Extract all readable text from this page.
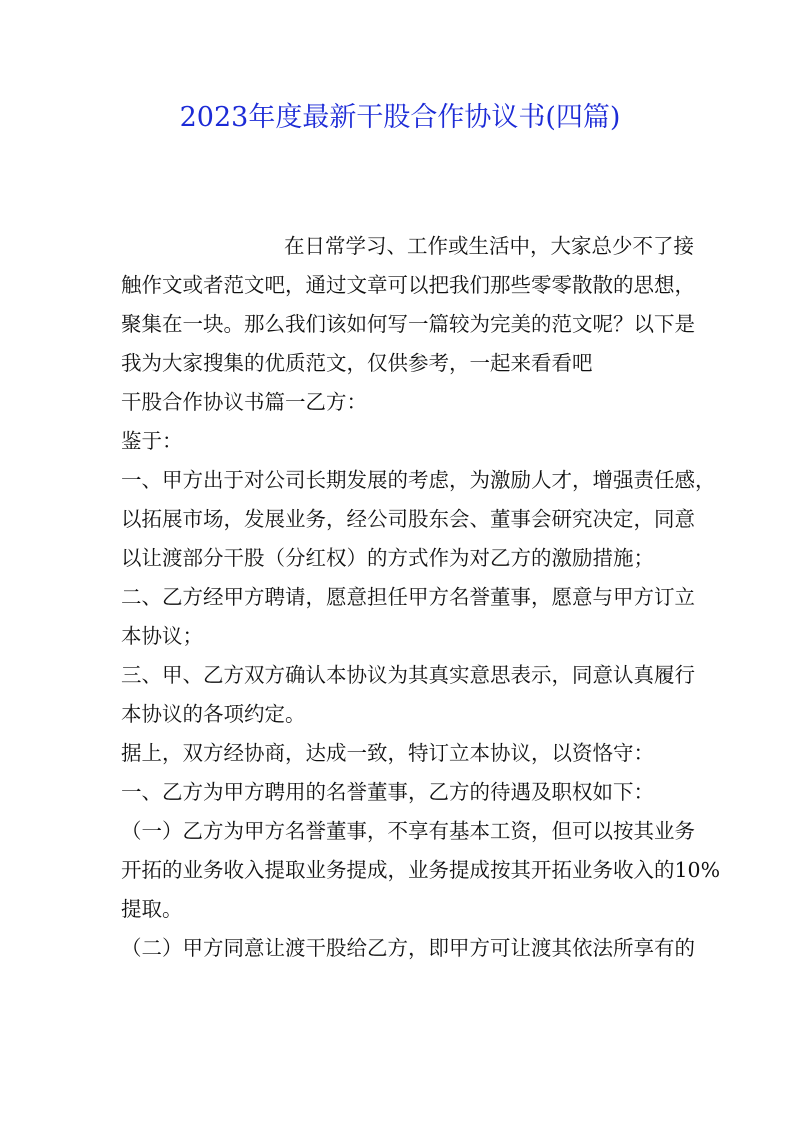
2023年度最新干股合作协议书(四篇)
在日常学习、工作或生活中，大家总少不了接
触作文或者范文吧，通过文章可以把我们那些零零散散的思想，
聚集在一块。那么我们该如何写一篇较为完美的范文呢？以下是
我为大家搜集的优质范文，仅供参考，一起来看看吧
干股合作协议书篇一乙方：
鉴于：
一、甲方出于对公司长期发展的考虑，为激励人才，增强责任感，
以拓展市场，发展业务，经公司股东会、董事会研究决定，同意
以让渡部分干股（分红权）的方式作为对乙方的激励措施；
二、乙方经甲方聘请，愿意担任甲方名誉董事，愿意与甲方订立
本协议；
三、甲、乙方双方确认本协议为其真实意思表示，同意认真履行
本协议的各项约定。
据上，双方经协商，达成一致，特订立本协议，以资恪守：
一、乙方为甲方聘用的名誉董事，乙方的待遇及职权如下：
（一）乙方为甲方名誉董事，不享有基本工资，但可以按其业务
开拓的业务收入提取业务提成，业务提成按其开拓业务收入的10%
提取。
（二）甲方同意让渡干股给乙方，即甲方可让渡其依法所享有的
